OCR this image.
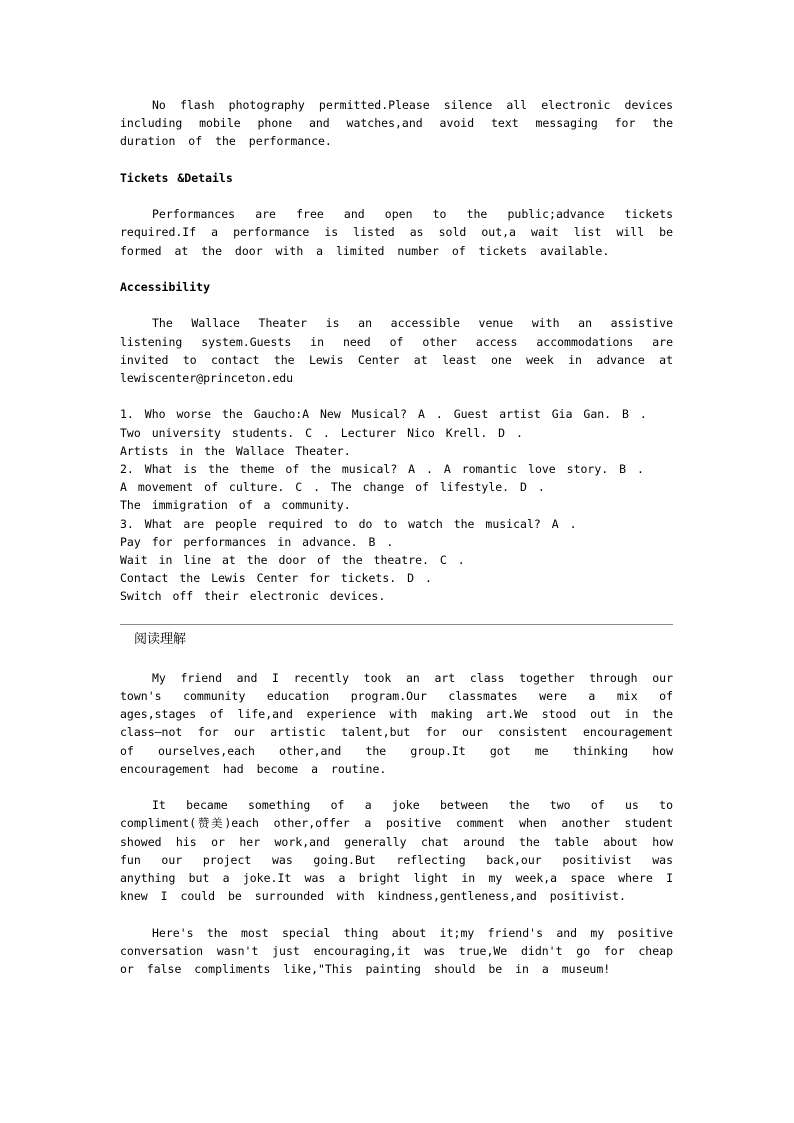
No flash photography permitted.Please silence all electronic devices including mobile phone and watches,and avoid text messaging for the duration of the performance.

Tickets &Details

Performances are free and open to the public;advance tickets required.If a performance is listed as sold out,a wait list will be formed at the door with a limited number of tickets available.

Accessibility

The Wallace Theater is an accessible venue with an assistive listening system.Guests in need of other access accommodations are invited to contact the Lewis Center at least one week in advance at lewiscenter@princeton.edu

1. Who worse the Gaucho:A New Musical? A . Guest artist Gia Gan. B .

Two university students. C . Lecturer Nico Krell. D .

Artists in the Wallace Theater.

2. What is the theme of the musical? A . A romantic love story. B .

A movement of culture. C . The change of lifestyle. D .

The immigration of a community.

3. What are people required to do to watch the musical? A .

Pay for performances in advance. B .

Wait in line at the door of the theatre. C .

Contact the Lewis Center for tickets. D .

Switch off their electronic devices.

阅读理解

My friend and I recently took an art class together through our town's community education program.Our classmates were a mix of ages,stages of life,and experience with making art.We stood out in the class—not for our artistic talent,but for our consistent encouragement of ourselves,each other,and the group.It got me thinking how encouragement had become a routine.

It became something of a joke between the two of us to compliment(赞美)each other,offer a positive comment when another student showed his or her work,and generally chat around the table about how fun our project was going.But reflecting back,our positivist was anything but a joke.It was a bright light in my week,a space where I knew I could be surrounded with kindness,gentleness,and positivist.

Here's the most special thing about it;my friend's and my positive conversation wasn't just encouraging,it was true,We didn't go for cheap or false compliments like,"This painting should be in a museum!
